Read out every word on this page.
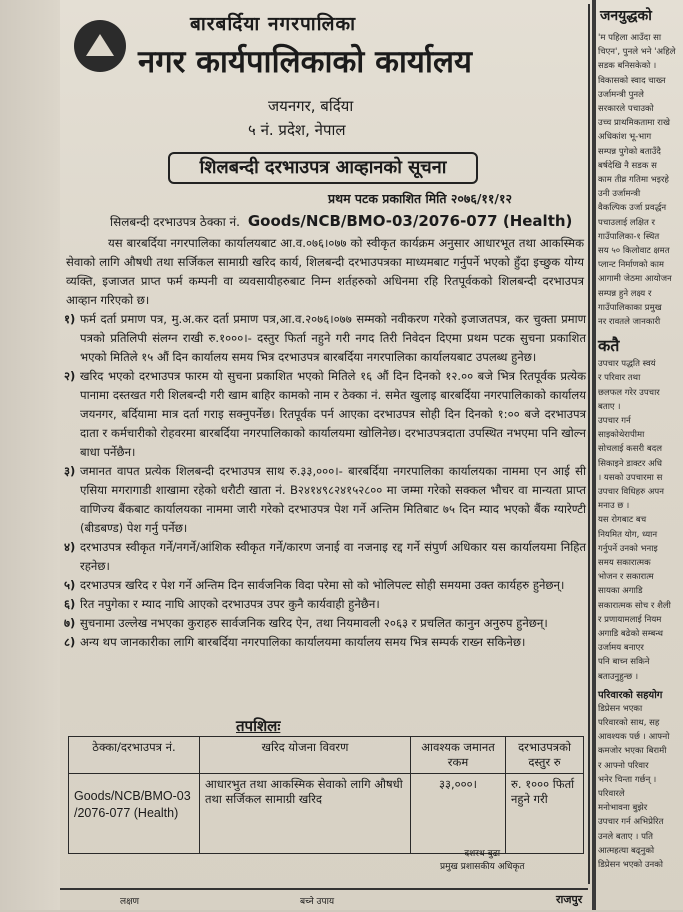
बारबर्दिया नगरपालिका
नगर कार्यपालिकाको कार्यालय
जयनगर, बर्दिया
५ नं. प्रदेश, नेपाल
शिलबन्दी दरभाउपत्र आव्हानको सूचना
प्रथम पटक प्रकाशित मिति २०७६/११/१२
सिलबन्दी दरभाउपत्र ठेक्का नं. Goods/NCB/BMO-03/2076-077 (Health)
यस बारबर्दिया नगरपालिका कार्यालयबाट आ.व.०७६।०७७ को स्वीकृत कार्यक्रम अनुसार आधारभूत तथा आकस्मिक सेवाको लागि औषधी तथा सर्जिकल सामाग्री खरिद कार्य, शिलबन्दी दरभाउपत्रका माध्यमबाट गर्नुपर्ने भएको हुँदा इच्छुक योग्य व्यक्ति, इजाजत प्राप्त फर्म कम्पनी वा व्यवसायीहरुबाट निम्न शर्तहरुको अधिनमा रहि रितपूर्वकको शिलबन्दी दरभाउपत्र आव्हान गरिएको छ।
१) फर्म दर्ता प्रमाण पत्र, मु.अ.कर दर्ता प्रमाण पत्र,आ.व.२०७६।०७७ सम्मको नवीकरण गरेको इजाजतपत्र, कर चुक्ता प्रमाण पत्रको प्रतिलिपी संलग्न राखी रु.१०००।- दस्तुर फिर्ता नहुने गरी नगद तिरी निवेदन दिएमा प्रथम पटक सुचना प्रकाशित भएको मितिले १५ औं दिन कार्यालय समय भित्र दरभाउपत्र बारबर्दिया नगरपालिका कार्यालयबाट उपलब्ध हुनेछ।
२) खरिद भएको दरभाउपत्र फारम यो सुचना प्रकाशित भएको मितिले १६ औं दिन दिनको १२.०० बजे भित्र रितपूर्वक प्रत्येक पानामा दस्तखत गरी शिलबन्दी गरी खाम बाहिर कामको नाम र ठेक्का नं. समेत खुलाइ बारबर्दिया नगरपालिकाको कार्यालय जयनगर, बर्दियामा मात्र दर्ता गराइ सक्नुपर्नेछ। रितपूर्वक पर्न आएका दरभाउपत्र सोही दिन दिनको १:०० बजे दरभाउपत्र दाता र कर्मचारीको रोहवरमा बारबर्दिया नगरपालिकाको कार्यालयमा खोलिनेछ। दरभाउपत्रदाता उपस्थित नभएमा पनि खोल्न बाधा पर्नेछैन।
३) जमानत वापत प्रत्येक शिलबन्दी दरभाउपत्र साथ रु.३३,०००।- बारबर्दिया नगरपालिका कार्यालयका नाममा एन आई सी एसिया मगरागाडी शाखामा रहेको धरौटी खाता नं. B२४१४९८२४१५२८०० मा जम्मा गरेको सक्कल भौचर वा मान्यता प्राप्त वाणिज्य बैंकबाट कार्यालयका नाममा जारी गरेको दरभाउपत्र पेश गर्ने अन्तिम मितिबाट ७५ दिन म्याद भएको बैंक ग्यारेण्टी (बीडबण्ड) पेश गर्नु पर्नेछ।
४) दरभाउपत्र स्वीकृत गर्ने/नगर्ने/आंशिक स्वीकृत गर्ने/कारण जनाई वा नजनाइ रद्द गर्ने संपुर्ण अधिकार यस कार्यालयमा निहित रहनेछ।
५) दरभाउपत्र खरिद र पेश गर्ने अन्तिम दिन सार्वजनिक विदा परेमा सो को भोलिपल्ट सोही समयमा उक्त कार्यहरु हुनेछन्।
६) रित नपुगेका र म्याद नाघि आएको दरभाउपत्र उपर कुनै कार्यवाही हुनेछैन।
७) सुचनामा उल्लेख नभएका कुराहरु सार्वजनिक खरिद ऐन, तथा नियमावली २०६३ र प्रचलित कानुन अनुरुप हुनेछन्।
८) अन्य थप जानकारीका लागि बारबर्दिया नगरपालिका कार्यालयमा कार्यालय समय भित्र सम्पर्क राख्न सकिनेछ।
तपशिलः
ठेक्का/दरभाउपत्र नं.	खरिद योजना विवरण	आवश्यक जमानत रकम	दरभाउपत्रको दस्तुर रु
Goods/NCB/BMO-03 /2076-077 (Health)	आधारभुत तथा आकस्मिक सेवाको लागि औषधी तथा सर्जिकल सामाग्री खरिद	३३,०००।	रु. १००० फिर्ता नहुने गरी
दशरथ बुढा
प्रमुख प्रशासकीय अधिकृत
लक्षण	बच्ने उपाय	राजपुर
जनयुद्धको
'म पहिला आउँदा सा
चिएन', पुनले भने 'अहिले
सडक बनिसकेको ।
विकासको स्वाद चाख्न
उर्जामन्त्री पुनले
सरकारले पचाउको
उच्च प्राथमिकतामा राखे
अधिकांश भू-भाग
सम्पन्न पुगेको बताउँदै
बर्षदेखि नै सडक स
काम तीव्र गतिमा भइरहे
उनी उर्जामन्त्री
वैकल्पिक उर्जा प्रवर्द्धन
पचाउलाई लक्षित र
गाउँपालिका-१ स्थित
सय ५० किलोवाट क्षमत
प्लान्ट निर्माणको काम
आगामी जेठमा आयोजन
सम्पन्न हुने लक्ष्य र
गाउँपालिकाका प्रमुख
नर रावतले जानकारी
कतै
उपचार पद्धति स्वयं
र परिवार तथा
छलफल गरेर उपचार
बताए ।
उपचार गर्न
साइकोथेरापीमा
सोचलाई कसरी बदल
सिकाइने डाक्टर अधि
। यसको उपचारमा स
उपचार विधिहरु अपन
मनाउ छ ।
यस रोगबाट बच
नियमित योग, ध्यान
गर्नुपर्ने उनको भनाइ
समय सकारात्मक
भोजन र सकारात्म
सायका अगाडि
सकारात्मक सोच र शैली
र प्रणायामलाई नियम
अगाडि बढेको सम्बन्ध
उर्जामय बनाएर
पनि बाच्न सकिने
बताउनुहुन्छ ।
परिवारको सहयोग
डिप्रेसन भएका
परिवारको साथ, सह
आवश्यक पर्छ । आफ्नो
कमजोर भएका बिरामी
र आफ्नो परिवार
भनेर चिन्ता गर्छन् ।
परिवारले
मनोभावना बुझेर
उपचार गर्न अभिप्रेरित
उनले बताए । पति
आत्महत्या बढ्नुको
डिप्रेसन भएको उनको
